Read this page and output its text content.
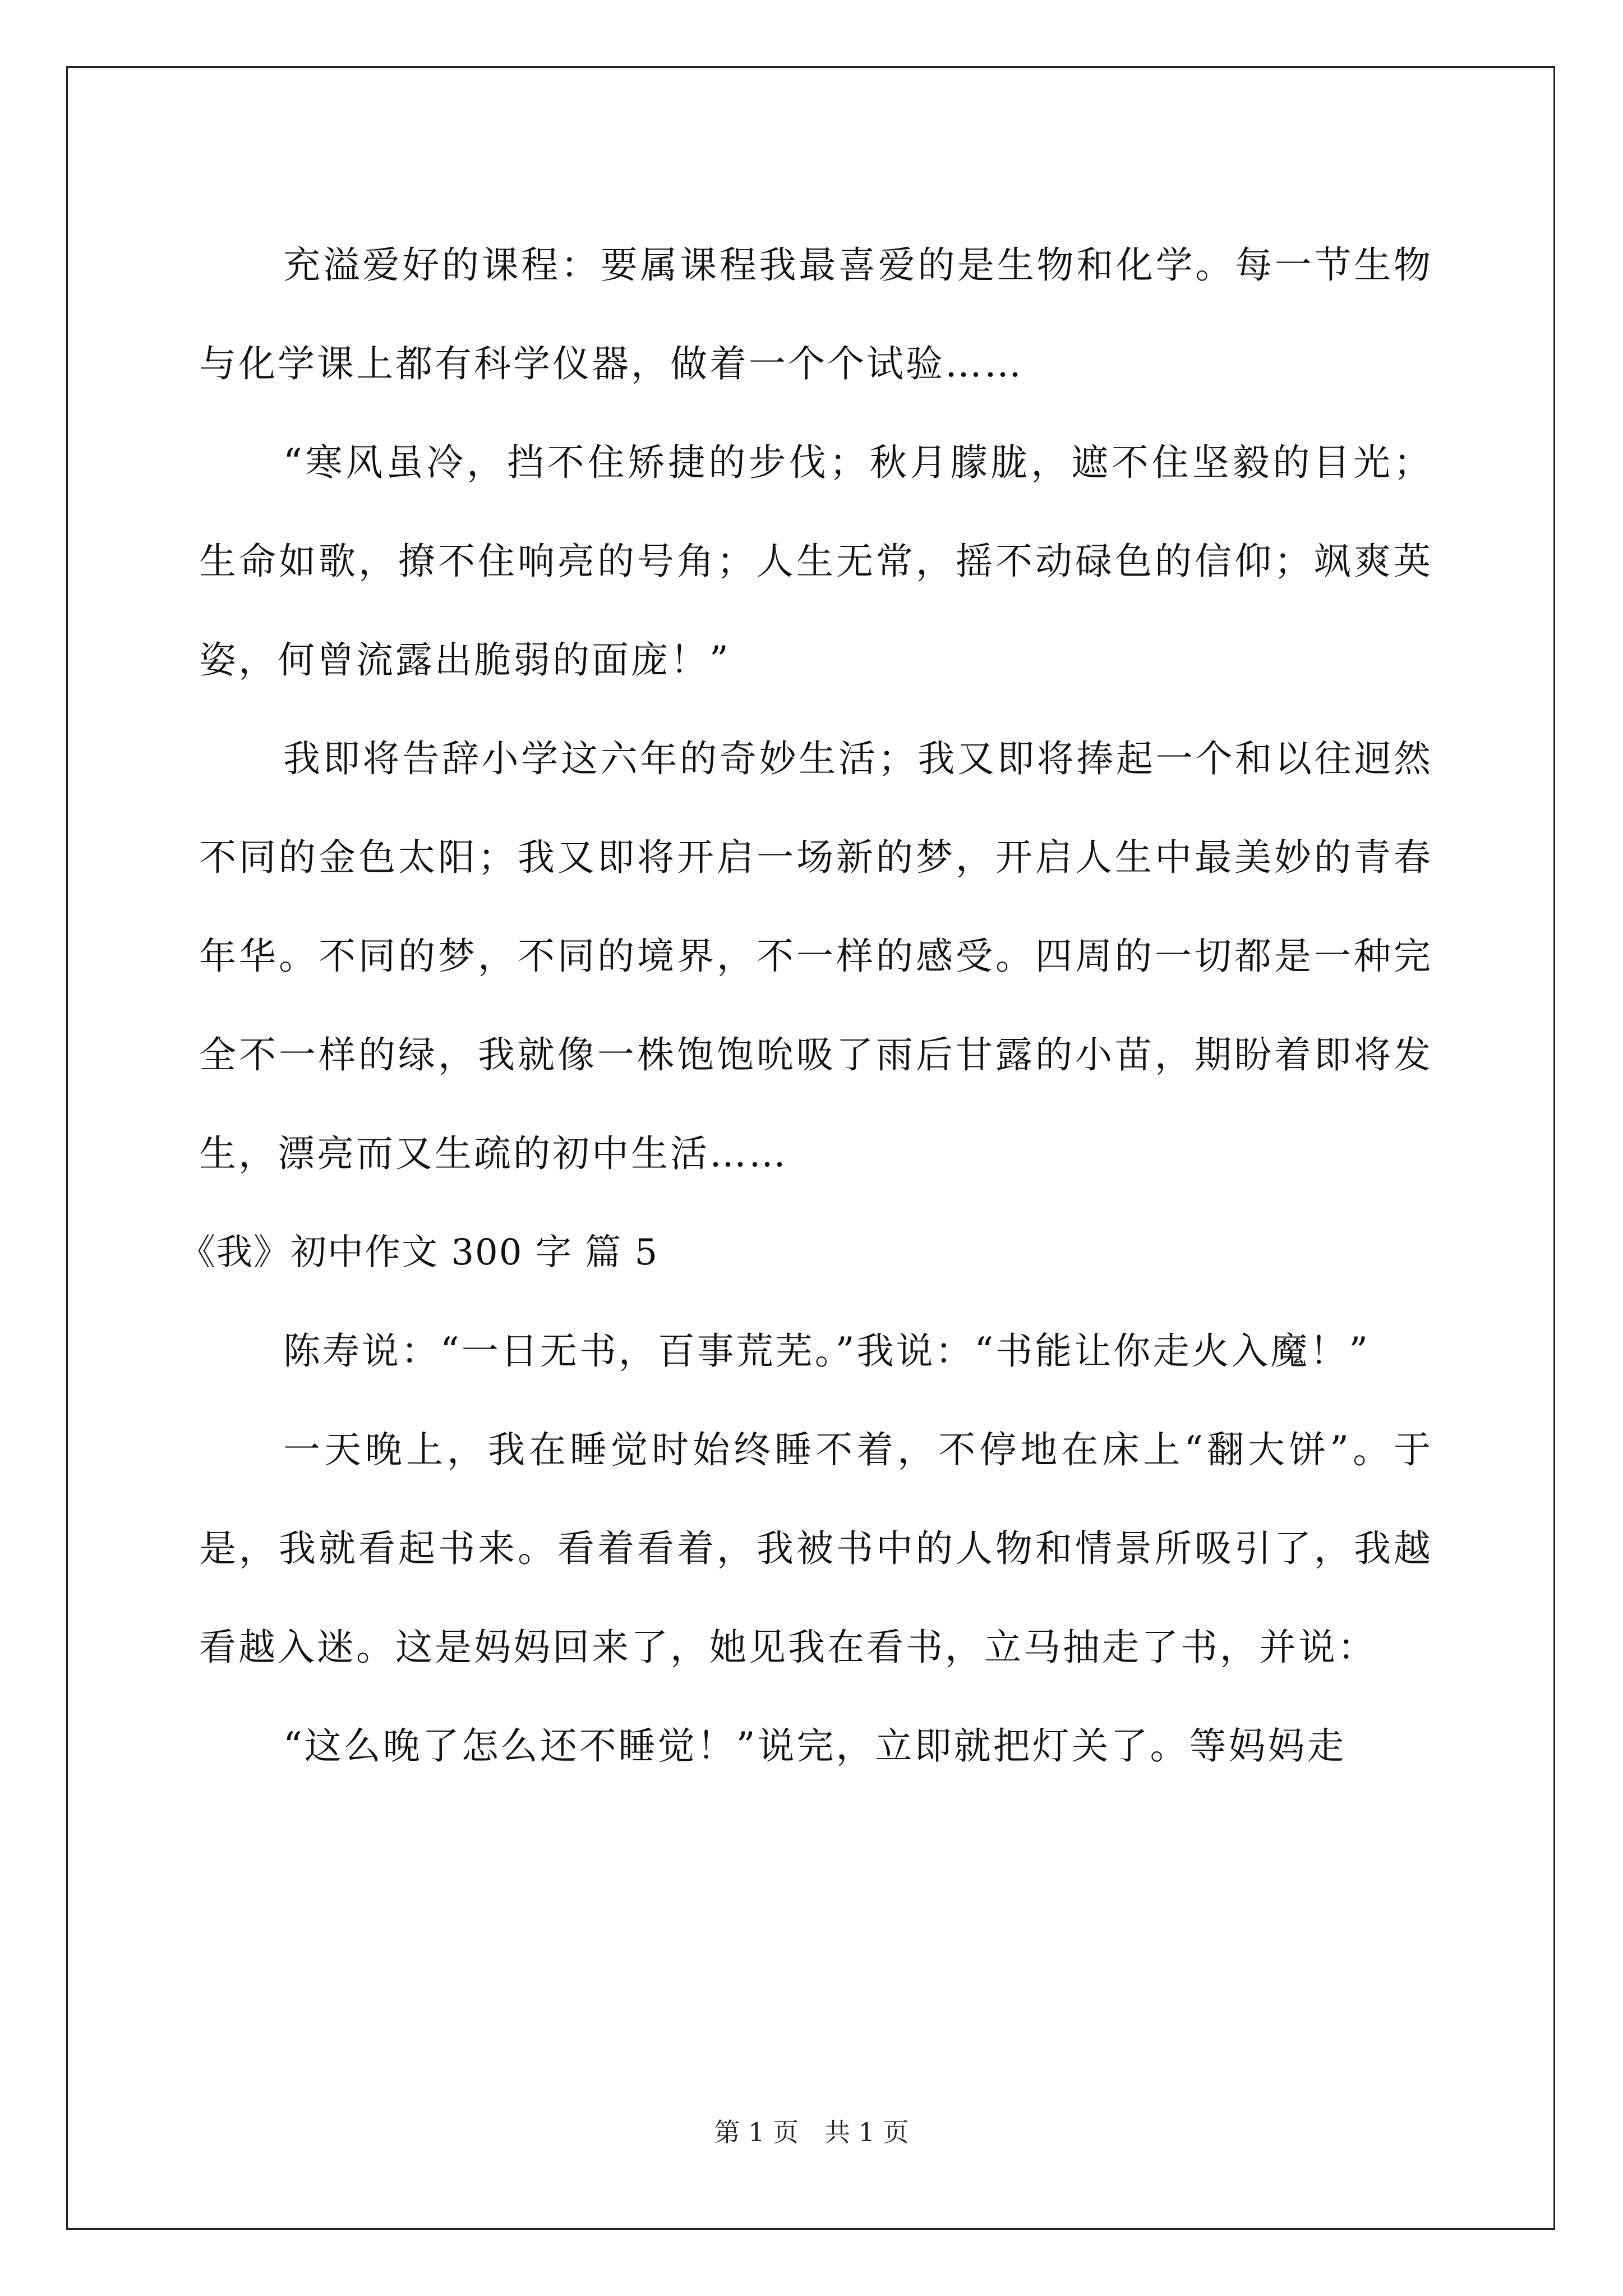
充溢爱好的课程：要属课程我最喜爱的是生物和化学。每一节生物与化学课上都有科学仪器，做着一个个试验……

“寒风虽冷，挡不住矫捷的步伐；秋月朦胧，遮不住坚毅的目光；生命如歌，撩不住响亮的号角；人生无常，摇不动碌色的信仰；飒爽英姿，何曾流露出脆弱的面庞！”

我即将告辞小学这六年的奇妙生活；我又即将捧起一个和以往迥然不同的金色太阳；我又即将开启一场新的梦，开启人生中最美妙的青春年华。不同的梦，不同的境界，不一样的感受。四周的一切都是一种完全不一样的绿，我就像一株饱饱吮吸了雨后甘露的小苗，期盼着即将发生，漂亮而又生疏的初中生活……

《我》初中作文 300 字 篇 5

陈寿说：“一日无书，百事荒芜。”我说：“书能让你走火入魔！”

一天晚上，我在睡觉时始终睡不着，不停地在床上“翻大饼”。于是，我就看起书来。看着看着，我被书中的人物和情景所吸引了，我越看越入迷。这是妈妈回来了，她见我在看书，立马抽走了书，并说：

“这么晚了怎么还不睡觉！”说完，立即就把灯关了。等妈妈走

第 1 页　共 1 页
